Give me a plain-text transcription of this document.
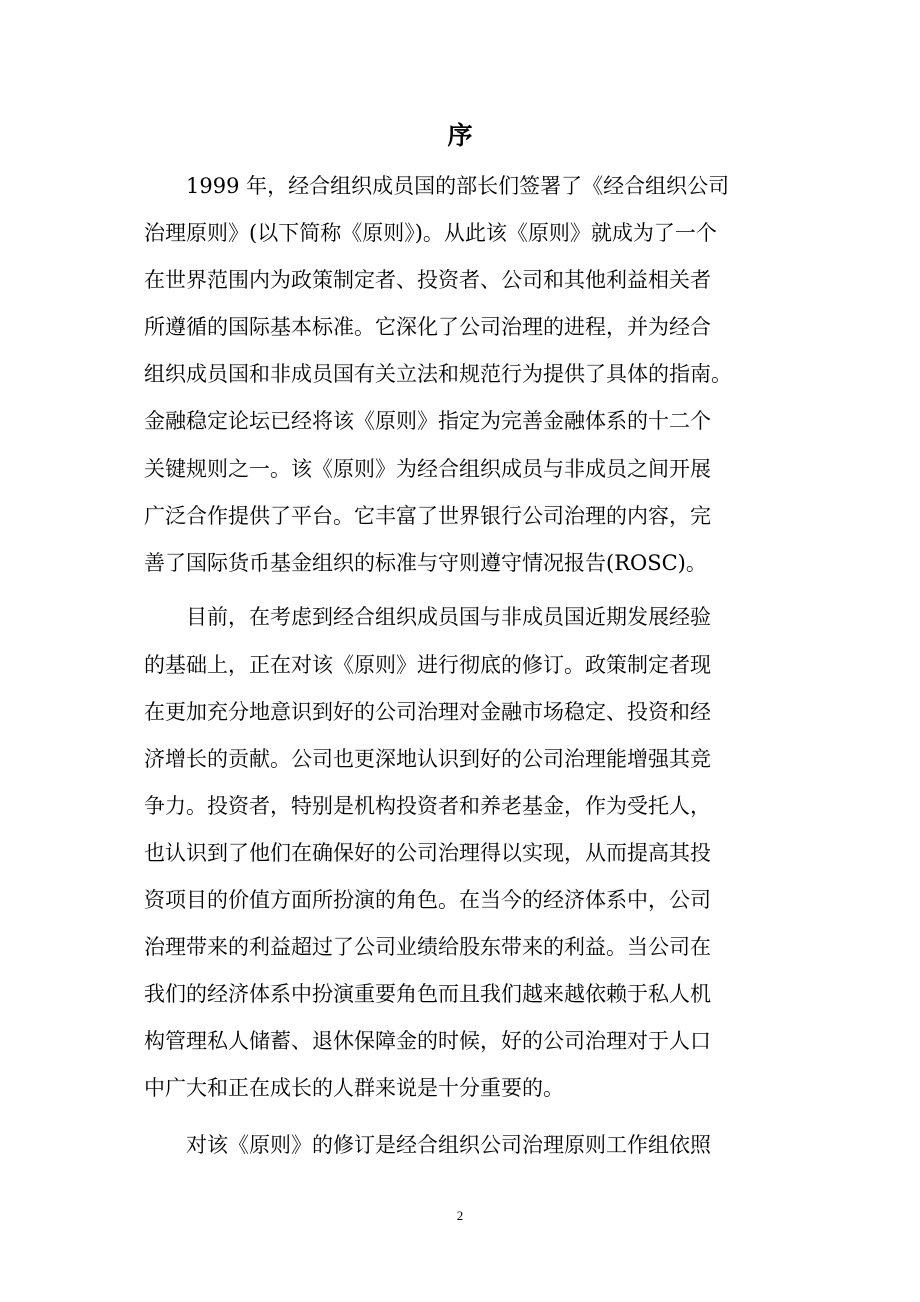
序

1999 年，经合组织成员国的部长们签署了《经合组织公司

治理原则》(以下简称《原则》)。从此该《原则》就成为了一个

在世界范围内为政策制定者、投资者、公司和其他利益相关者

所遵循的国际基本标准。它深化了公司治理的进程，并为经合

组织成员国和非成员国有关立法和规范行为提供了具体的指南。

金融稳定论坛已经将该《原则》指定为完善金融体系的十二个

关键规则之一。该《原则》为经合组织成员与非成员之间开展

广泛合作提供了平台。它丰富了世界银行公司治理的内容，完

善了国际货币基金组织的标准与守则遵守情况报告(ROSC)。

目前，在考虑到经合组织成员国与非成员国近期发展经验

的基础上，正在对该《原则》进行彻底的修订。政策制定者现

在更加充分地意识到好的公司治理对金融市场稳定、投资和经

济增长的贡献。公司也更深地认识到好的公司治理能增强其竞

争力。投资者，特别是机构投资者和养老基金，作为受托人，

也认识到了他们在确保好的公司治理得以实现，从而提高其投

资项目的价值方面所扮演的角色。在当今的经济体系中，公司

治理带来的利益超过了公司业绩给股东带来的利益。当公司在

我们的经济体系中扮演重要角色而且我们越来越依赖于私人机

构管理私人储蓄、退休保障金的时候，好的公司治理对于人口

中广大和正在成长的人群来说是十分重要的。

对该《原则》的修订是经合组织公司治理原则工作组依照

2
